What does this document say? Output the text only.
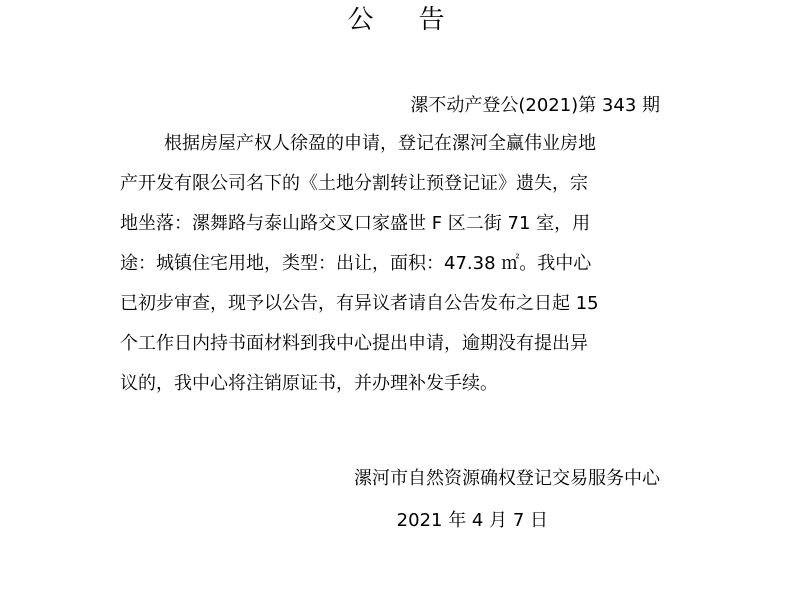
公告
漯不动产登公(2021)第 343 期
根据房屋产权人徐盈的申请，登记在漯河全赢伟业房地
产开发有限公司名下的《土地分割转让预登记证》遗失，宗
地坐落：漯舞路与泰山路交叉口家盛世 F 区二街 71 室，用
途：城镇住宅用地，类型：出让，面积：47.38 ㎡。我中心
已初步审查，现予以公告，有异议者请自公告发布之日起 15
个工作日内持书面材料到我中心提出申请，逾期没有提出异
议的，我中心将注销原证书，并办理补发手续。
漯河市自然资源确权登记交易服务中心
2021 年 4 月 7 日
